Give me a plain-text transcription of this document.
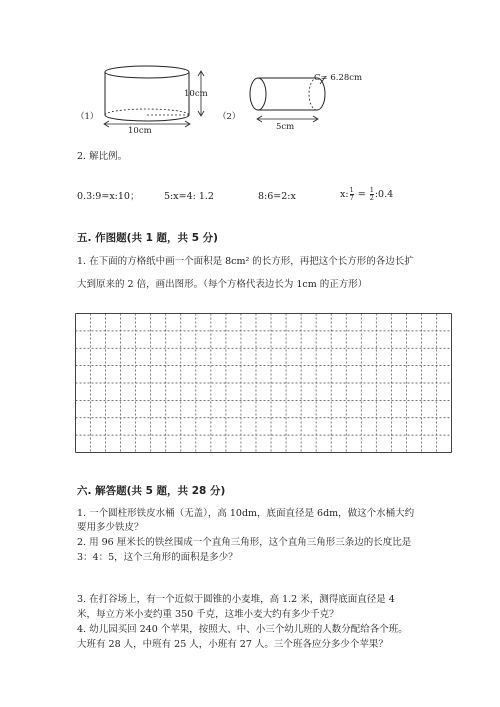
（1）
10cm
10cm
（2）
C= 6.28cm
5cm
2. 解比例。
0.3:9=x:10；	5:x=4: 1.2	8:6=2:x	x: $\frac{1}{7} = \frac{1}{2}$ :0.4
五. 作图题(共 1 题，共 5 分)
1. 在下面的方格纸中画一个面积是 8cm² 的长方形，再把这个长方形的各边长扩
大到原来的 2 倍，画出图形。（每个方格代表边长为 1cm 的正方形）
六. 解答题(共 5 题，共 28 分)
1. 一个圆柱形铁皮水桶（无盖），高 10dm，底面直径是 6dm，做这个水桶大约
要用多少铁皮？
2. 用 96 厘米长的铁丝围成一个直角三角形，这个直角三角形三条边的长度比是
3：4：5，这个三角形的面积是多少？
3. 在打谷场上，有一个近似于圆锥的小麦堆，高 1.2 米，测得底面直径是 4
米，每立方米小麦约重 350 千克，这堆小麦大约有多少千克？
4. 幼儿园买回 240 个苹果，按照大、中、小三个幼儿班的人数分配给各个班。
大班有 28 人，中班有 25 人，小班有 27 人。三个班各应分多少个苹果？
